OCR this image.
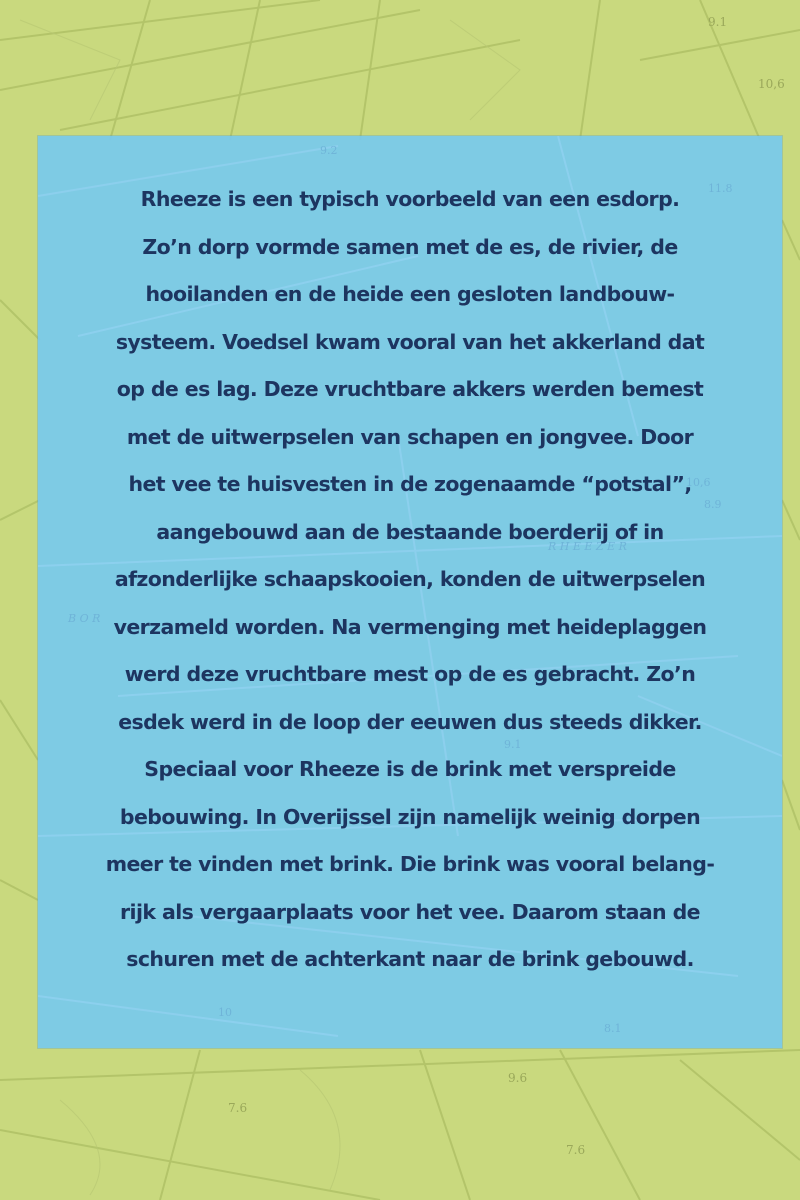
9.1
10,6
9.6
7.6
7.6
9.2
11.8
10,6
8.9
R H E E Z E R
9.1
8.1
10
B O R
Rheeze is een typisch voorbeeld van een esdorp.
Zo’n dorp vormde samen met de es, de rivier, de
hooilanden en de heide een gesloten landbouw-
systeem. Voedsel kwam vooral van het akkerland dat
op de es lag. Deze vruchtbare akkers werden bemest
met de uitwerpselen van schapen en jongvee. Door
het vee te huisvesten in de zogenaamde “potstal”,
aangebouwd aan de bestaande boerderij of in
afzonderlijke schaapskooien, konden de uitwerpselen
verzameld worden. Na vermenging met heideplaggen
werd deze vruchtbare mest op de es gebracht. Zo’n
esdek werd in de loop der eeuwen dus steeds dikker.
Speciaal voor Rheeze is de brink met verspreide
bebouwing. In Overijssel zijn namelijk weinig dorpen
meer te vinden met brink. Die brink was vooral belang-
rijk als vergaarplaats voor het vee. Daarom staan de
schuren met de achterkant naar de brink gebouwd.
